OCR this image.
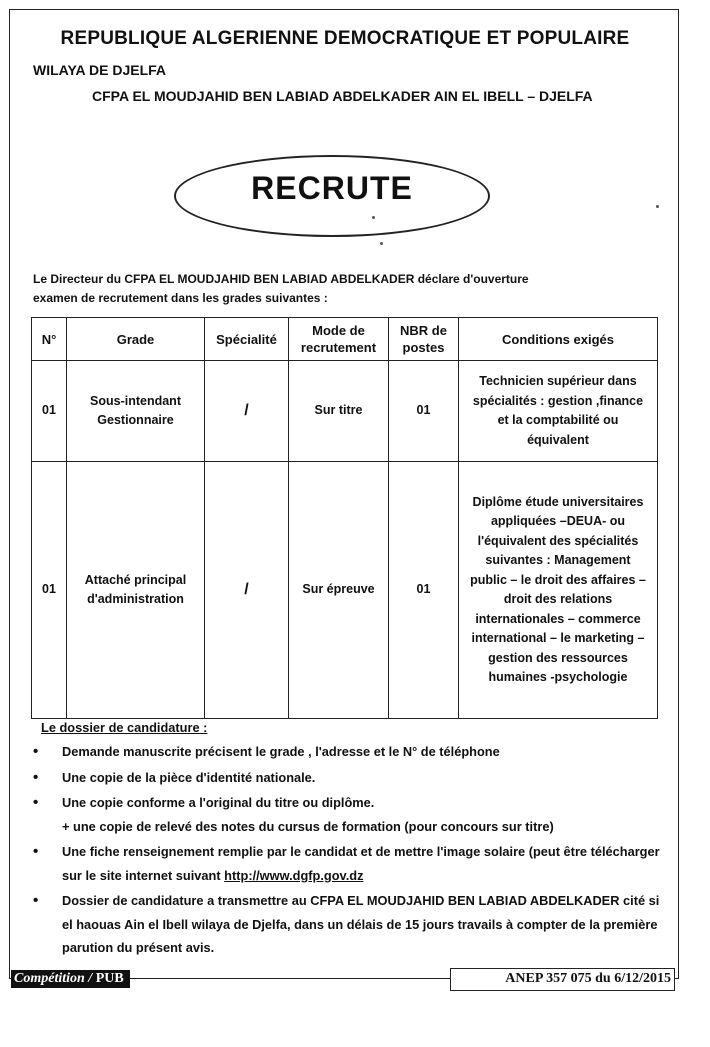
REPUBLIQUE ALGERIENNE DEMOCRATIQUE ET POPULAIRE
WILAYA DE DJELFA
CFPA EL MOUDJAHID BEN LABIAD ABDELKADER AIN EL IBELL – DJELFA
RECRUTE
Le Directeur du CFPA EL MOUDJAHID BEN LABIAD ABDELKADER déclare d'ouverture
examen de recrutement dans les grades suivantes :
N°	Grade	Spécialité	Mode de recrutement	NBR de postes	Conditions exigés
01	Sous-intendant Gestionnaire	/	Sur titre	01	Technicien supérieur dans spécialités : gestion ,finance et la comptabilité ou équivalent
01	Attaché principal d'administration	/	Sur épreuve	01	Diplôme étude universitaires appliquées –DEUA- ou l'équivalent des spécialités suivantes : Management public – le droit des affaires – droit des relations internationales – commerce international – le marketing – gestion des ressources humaines -psychologie
Le dossier de candidature :
• Demande manuscrite précisent le grade , l'adresse et le N° de téléphone
• Une copie de la pièce d'identité nationale.
• Une copie conforme a l'original du titre ou diplôme.
+ une copie de relevé des notes du cursus de formation (pour concours sur titre)
• Une fiche renseignement remplie par le candidat et de mettre l'image solaire (peut être télécharger sur le site internet suivant http://www.dgfp.gov.dz
• Dossier de candidature a transmettre au CFPA EL MOUDJAHID BEN LABIAD ABDELKADER cité si el haouas Ain el Ibell wilaya de Djelfa, dans un délais de 15 jours travails à compter de la première parution du présent avis.
Compétition / PUB	ANEP 357 075 du 6/12/2015
